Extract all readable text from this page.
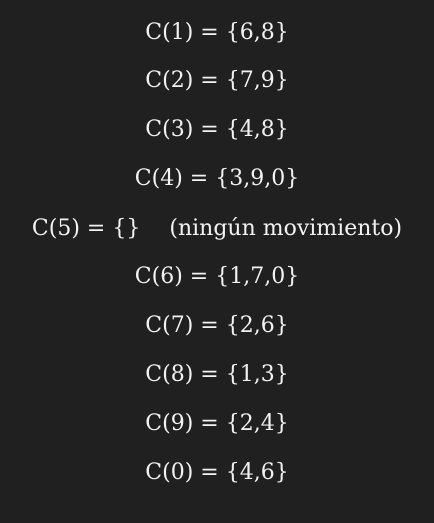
C(1) = {6,8}
C(2) = {7,9}
C(3) = {4,8}
C(4) = {3,9,0}
C(5) = {} (ningún movimiento)
C(6) = {1,7,0}
C(7) = {2,6}
C(8) = {1,3}
C(9) = {2,4}
C(0) = {4,6}
